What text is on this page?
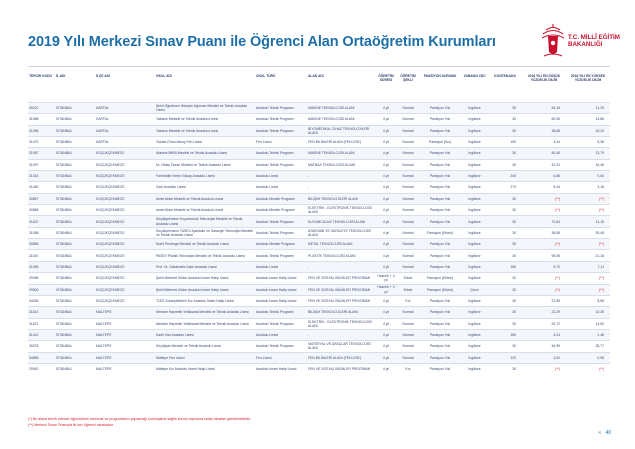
2019 Yılı Merkezi Sınav Puanı ile Öğrenci Alan Ortaöğretim Kurumları	T.C. MİLLÎ EĞİTİM
BAKANLIĞI
TERCİH KODU	İL ADI	İLÇE ADI	OKUL ADI	OKUL TÜRÜ	ALAN ADI	ÖĞRETİM SÜRESİ	ÖĞRETİM ŞEKLİ	PANSİYON DURUMU	YABANCI DİLİ	KONTENJANI	2018 YILI EN DÜŞÜK YÜZDELİK DİLİM	2018 YILI EN YÜKSEK YÜZDELİK DİLİM
35210	İSTANBUL	KARTAL	Şehit Öğretmen Hüseyin Ağırman Mesleki ve Teknik Anadolu Lisesi	Anadolu Teknik Programı	MAKİNE TEKNOLOJİSİ ALANI	4 yıl	Normal	Pansiyon Yok	İngilizce	30	54,16	11,25
31086	İSTANBUL	KARTAL	Yakacık Mesleki ve Teknik Anadolu Lisesi	Anadolu Teknik Programı	MAKİNE TEKNOLOJİSİ ALANI	4 yıl	Normal	Pansiyon Yok	İngilizce	30	60,08	13,86
31096	İSTANBUL	KARTAL	Yakacık Mesleki ve Teknik Anadolu Lisesi	Anadolu Teknik Programı	BİYOMEDİKAL CİHAZ TEKNOLOJİLERİ ALANI	4 yıl	Normal	Pansiyon Yok	İngilizce	30	38,68	15,23
31479	İSTANBUL	KARTAL	Yüksel-Ohan Aksoy Fen Lisesi	Fen Lisesi	FEN BİLİMLERİ ALANI (FEN LİSE)	4 yıl	Normal	Pansiyon (Kız)	İngilizce	150	3,44	5,38
31087	İSTANBUL	KÜÇÜKÇEKMECE	Atakent İMKB Mesleki ve Teknik Anadolu Lisesi	Anadolu Teknik Programı	MAKİNE TEKNOLOJİSİ ALANI	4 yıl	Normal	Pansiyon Yok	İngilizce	30	50,40	13,79
31097	İSTANBUL	KÜÇÜKÇEKMECE	Dr. Oktay Duran Mesleki ve Teknik Anadolu Lisesi	Anadolu Teknik Programı	MATBAA TEKNOLOJİSİ ALANI	4 yıl	Normal	Pansiyon Yok	İngilizce	30	42,24	16,46
31415	İSTANBUL	KÜÇÜKÇEKMECE	Fahreddin Kerim Gökay Anadolu Lisesi	Anadolu Lisesi	-	4 yıl	Normal	Pansiyon Yok	İngilizce	240	6,88	0,54
31480	İSTANBUL	KÜÇÜKÇEKMECE	Gazi Anadolu Lisesi	Anadolu Lisesi	-	4 yıl	Normal	Pansiyon Yok	İngilizce	270	5,44	3,16
30867	İSTANBUL	KÜÇÜKÇEKMECE	İsmet Aktar Mesleki ve Teknik Anadolu Lisesi	Anadolu Meslek Programı	BİLİŞİM TEKNOLOJİLERİ ALANI	4 yıl	Normal	Pansiyon Yok	İngilizce	30	(**)	(**)
30868	İSTANBUL	KÜÇÜKÇEKMECE	İsmet Aktar Mesleki ve Teknik Anadolu Lisesi	Anadolu Meslek Programı	ELEKTRİK - ELEKTRONİK TEKNOLOJİSİ ALANI	4 yıl	Normal	Pansiyon Yok	İngilizce	30	(**)	(**)
31102	İSTANBUL	KÜÇÜKÇEKMECE	Küçükçekmece Kuyumculuk Teknolojisi Mesleki ve Teknik Anadolu Lisesi	Anadolu Teknik Programı	KUYUMCULUK TEKNOLOJİSİ ALANI	4 yıl	Normal	Pansiyon Yok	İngilizce	30	70,84	11,15
31098	İSTANBUL	KÜÇÜKÇEKMECE	Küçükçekmece TASEV Ayakkabı ve Saraciye Teknolojisi Mesleki ve Teknik Anadolu Lisesi	Anadolu Teknik Programı	AYAKKABI VE SARACİYE TEKNOLOJİSİ ALANI	4 yıl	Normal	Pansiyon (Erkek)	İngilizce	30	36,85	30,48
30858	İSTANBUL	KÜÇÜKÇEKMECE	Nurhi Pestrege Mesleki ve Teknik Anadolu Lisesi	Anadolu Meslek Programı	METAL TEKNOLOJİSİ ALANI	4 yıl	Normal	Pansiyon Yok	İngilizce	30	(**)	(**)
31100	İSTANBUL	KÜÇÜKÇEKMECE	PASEV Plastik Teknolojisi Mesleki ve Teknik Anadolu Lisesi	Anadolu Teknik Programı	PLASTİK TEKNOLOJİSİ ALANI	4 yıl	Normal	Pansiyon Yok	İngilizce	30	98,55	21,18
31495	İSTANBUL	KÜÇÜKÇEKMECE	Prof. Dr. Sabahattin Zaim Anadolu Lisesi	Anadolu Lisesi	-	4 yıl	Normal	Pansiyon Yok	İngilizce	180	9,70	7,11
29498	İSTANBUL	KÜÇÜKÇEKMECE	Şehit Mehmet Güder Anadolu İmam Hatip Lisesi	Anadolu İmam Hatip Lisesi	FEN VE SOSYAL BİLİMLER PROGRAMI	Hazırlık + 4 yıl	Erkek	Pansiyon (Erkek)	İngilizce	30	(**)	(**)
29500	İSTANBUL	KÜÇÜKÇEKMECE	Şehit Mehmet Güder Anadolu İmam Hatip Lisesi	Anadolu İmam Hatip Lisesi	FEN VE SOSYAL BİLİMLER PROGRAMI	Hazırlık + 4 yıl	Erkek	Pansiyon (Erkek)	Çince	30	(**)	(**)
34405	İSTANBUL	KÜÇÜKÇEKMECE	TÜGİ Gülsepetlerleri Kız Anadolu İmam Hatip Lisesi	Anadolu İmam Hatip Lisesi	FEN VE SOSYAL BİLİMLER PROGRAMI	4 yıl	Kız	Pansiyon Yok	İngilizce	30	22,59	8,58
31103	İSTANBUL	MALTEPE	Nerelan Hayrettin Yelkikanat Mesleki ve Teknik Anadolu Lisesi	Anadolu Teknik Programı	BİLİŞİM TEKNOLOJİLERİ ALANI	4 yıl	Normal	Pansiyon Yok	İngilizce	30	22,29	10,26
31102	İSTANBUL	MALTEPE	Nerelan Hayrettin Yelkikanat Mesleki ve Teknik Anadolu Lisesi	Anadolu Teknik Programı	ELEKTRİK - ELEKTRONİK TEKNOLOJİSİ ALANI	4 yıl	Normal	Pansiyon Yok	İngilizce	30	29,72	14,50
31410	İSTANBUL	MALTEPE	Kadir Has Anadolu Lisesi	Anadolu Lisesi	-	4 yıl	Normal	Pansiyon Yok	İngilizce	180	4,24	1,48
35278	İSTANBUL	MALTEPE	Küçükyalı Mesleki ve Teknik Anadolu Lisesi	Anadolu Teknik Programı	MATERYAL VE ARAÇLAR TEKNOLOJİSİ ALANI	4 yıl	Normal	Pansiyon Yok	İngilizce	30	46,95	28,77
34855	İSTANBUL	MALTEPE	Maltepe Fen Lisesi	Fen Lisesi	FEN BİLİMLERİ ALANI (FEN LİSE)	4 yıl	Normal	Pansiyon Yok	İngilizce	120	3,52	0,98
29942	İSTANBUL	MALTEPE	Maltepe Kız Anadolu İmam Hatip Lisesi	Anadolu İmam Hatip Lisesi	FEN VE SOSYAL BİLİMLER PROGRAMI	4 yıl	Kız	Pansiyon Yok	İngilizce	30	(**)	(**)
(*) Bu alana tercih edecek öğrencilerin mevzuat ve programların yapılacağı kuruluşlarla sağlık kurulu raporuna sahip olmaları gerekmektedir.
(**) Merkezi Sınav Puanıyla ilk kez öğrenci alınacaktır.
« 40
